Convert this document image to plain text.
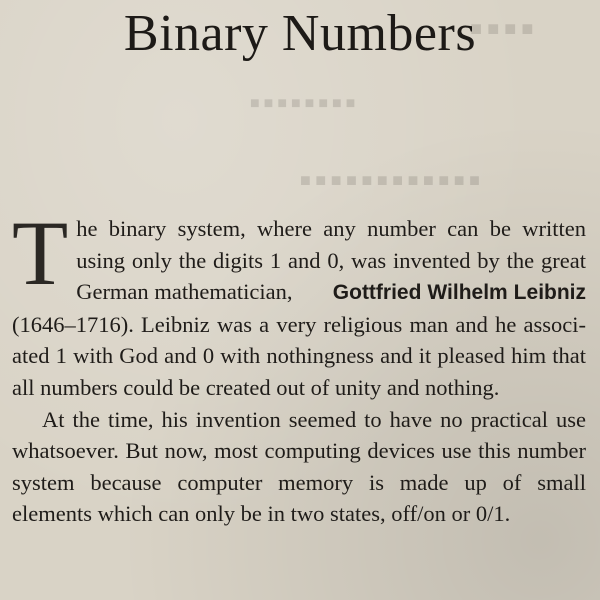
■ ■ ■ ■
■ ■ ■ ■ ■ ■ ■ ■
■ ■ ■ ■ ■ ■ ■ ■ ■ ■ ■ ■
Binary Numbers

T he binary system, where any number can be written
using only the digits 1 and 0, was invented by the great
German mathematician, Gottfried Wilhelm Leibniz
(1646–1716). Leibniz was a very religious man and he associ-
ated 1 with God and 0 with nothingness and it pleased him that
all numbers could be created out of unity and nothing.

At the time, his invention seemed to have no practical use
whatsoever. But now, most computing devices use this number
system because computer memory is made up of small
elements which can only be in two states, off/on or 0/1.
